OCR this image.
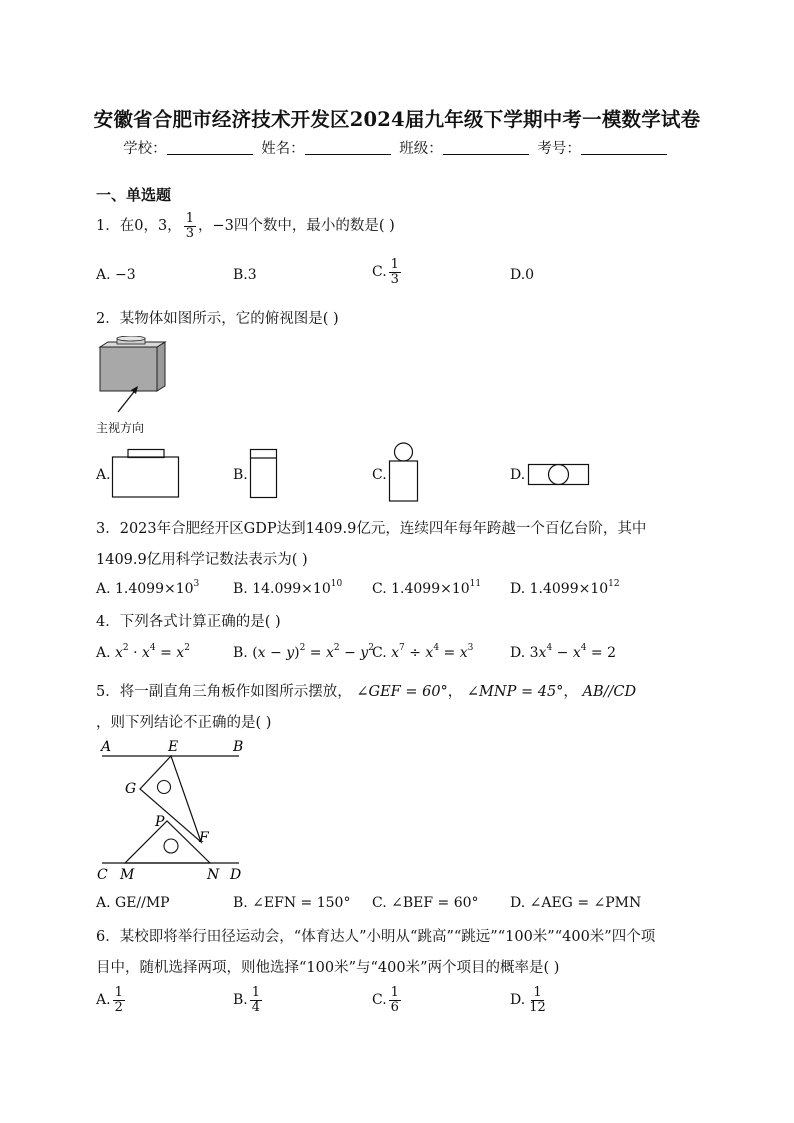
安徽省合肥市经济技术开发区2024届九年级下学期中考一模数学试卷
学校：	姓名：	班级：	考号：
一、单选题
1．在0，3， $\frac{1}{3}$ ，−3四个数中，最小的数是( )
A. −3	B.3	C. $\frac{1}{3}$	D.0
2．某物体如图所示，它的俯视图是( )
主视方向
A.	B.	C.	D.
3．2023年合肥经开区GDP达到1409.9亿元，连续四年每年跨越一个百亿台阶，其中
1409.9亿用科学记数法表示为( )
A. $1.4099\times 10^3$ B. $14.099\times 10^{10}$ C. $1.4099\times 10^{11}$ D. $1.4099\times 10^{12}$
4．下列各式计算正确的是( )
A. $x^2 \cdot x^4 = x^2$	B. $(x - y)^2 = x^2 - y^2$
C. $x^7 \div x^4 = x^3$	D. $3x^4 - x^4 = 2$
5．将一副直角三角板作如图所示摆放， ∠GEF = 60°， ∠MNP = 45°， AB//CD
，则下列结论不正确的是( )
A	E	B
G
P
F
C M	N D
A. GE//MP	B. ∠EFN = 150° C. ∠BEF = 60° D. ∠AEG = ∠PMN
6．某校即将举行田径运动会，“体育达人”小明从“跳高”“跳远”“100米”“400米”四个项
目中，随机选择两项，则他选择“100米”与“400米”两个项目的概率是( )
A. $\frac{1}{2}$	B. $\frac{1}{4}$	C. $\frac{1}{6}$	D. $\frac{1}{12}$
